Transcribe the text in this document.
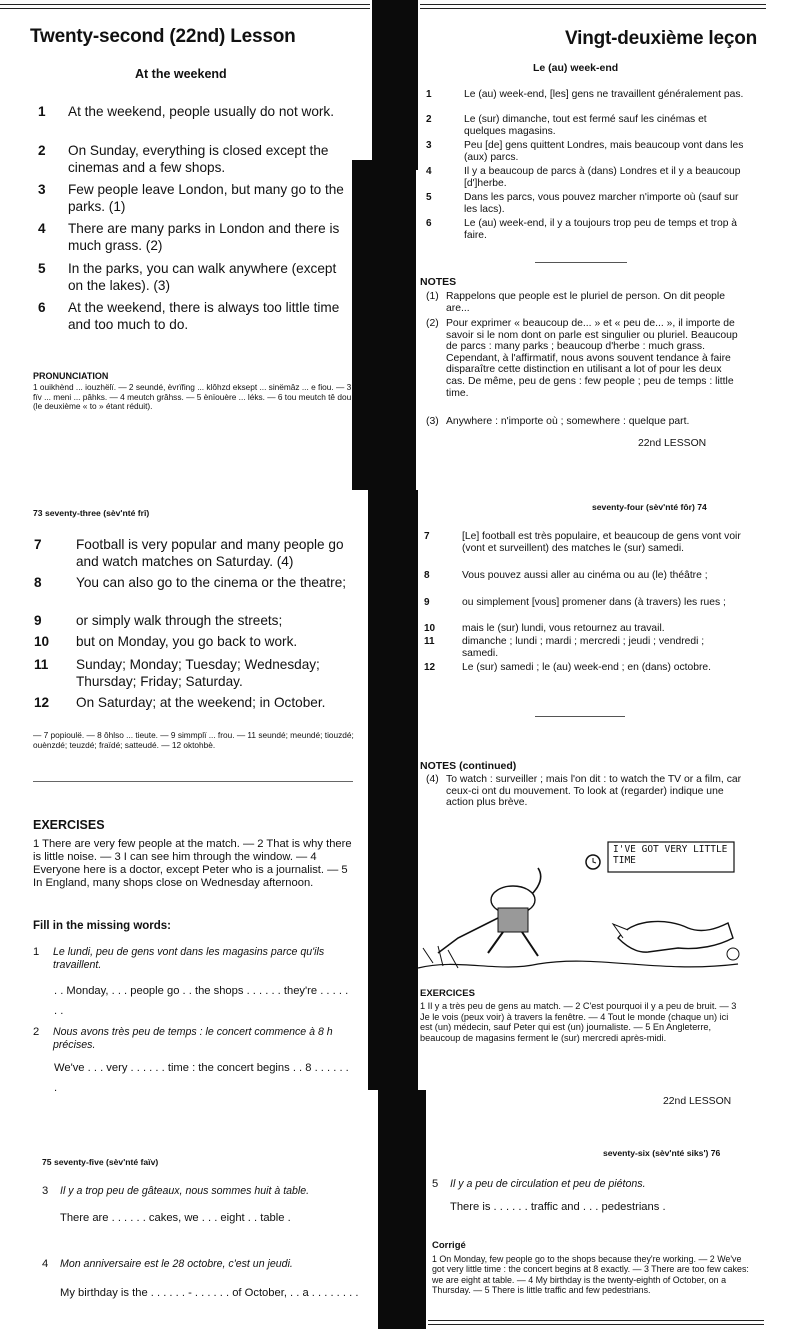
Twenty-second (22nd) Lesson
At the weekend
1	At the weekend, people usually do not work.
2	On Sunday, everything is closed except the cinemas and a few shops.
3	Few people leave London, but many go to the parks. (1)
4	There are many parks in London and there is much grass. (2)
5	In the parks, you can walk anywhere (except on the lakes). (3)
6	At the weekend, there is always too little time and too much to do.
PRONUNCIATION
1 ouikhènd ... iouzhëlï. — 2 seundé, èvrïfing ... klôhzd eksept ... sinëmâz ... e fiou. — 3 fïv ... meni ... pâhks. — 4 meutch grâhss. — 5 ènïouère ... léks. — 6 tou meutch tê dou (le deuxième « to » étant réduit).
Vingt-deuxième leçon
Le (au) week-end
1	Le (au) week-end, [les] gens ne travaillent généralement pas.
2	Le (sur) dimanche, tout est fermé sauf les cinémas et quelques magasins.
3	Peu [de] gens quittent Londres, mais beaucoup vont dans les (aux) parcs.
4	Il y a beaucoup de parcs à (dans) Londres et il y a beaucoup [d']herbe.
5	Dans les parcs, vous pouvez marcher n'importe où (sauf sur les lacs).
6	Le (au) week-end, il y a toujours trop peu de temps et trop à faire.
NOTES
(1) Rappelons que people est le pluriel de person. On dit people are...
(2) Pour exprimer « beaucoup de... » et « peu de... », il importe de savoir si le nom dont on parle est singulier ou pluriel. Beaucoup de parcs : many parks ; beaucoup d'herbe : much grass. Cependant, à l'affirmatif, nous avons souvent tendance à faire disparaître cette distinction en utilisant a lot of pour les deux cas. De même, peu de gens : few people ; peu de temps : little time.
(3) Anywhere : n'importe où ; somewhere : quelque part.
22nd LESSON
73 seventy-three (sèv'nté frî)
seventy-four (sèv'nté fôr) 74
7	Football is very popular and many people go and watch matches on Saturday. (4)
8	You can also go to the cinema or the theatre;
9	or simply walk through the streets;
10	but on Monday, you go back to work.
11	Sunday; Monday; Tuesday; Wednesday; Thursday; Friday; Saturday.
12	On Saturday; at the weekend; in October.
— 7 popioulë. — 8 ôhlso ... tieute. — 9 simmplï ... frou. — 11 seundé; meundé; tiouzdé; ouènzdé; teuzdé; fraïdé; satteudé. — 12 oktohbè.
7	[Le] football est très populaire, et beaucoup de gens vont voir (vont et surveillent) des matches le (sur) samedi.
8	Vous pouvez aussi aller au cinéma ou au (le) théâtre ;
9	ou simplement [vous] promener dans (à travers) les rues ;
10	mais le (sur) lundi, vous retournez au travail.
11	dimanche ; lundi ; mardi ; mercredi ; jeudi ; vendredi ; samedi.
12	Le (sur) samedi ; le (au) week-end ; en (dans) octobre.
NOTES (continued)
(4) To watch : surveiller ; mais l'on dit : to watch the TV or a film, car ceux-ci ont du mouvement. To look at (regarder) indique une action plus brève.
I'VE GOT VERY LITTLE TIME
EXERCISES
1 There are very few people at the match. — 2 That is why there is little noise. — 3 I can see him through the window. — 4 Everyone here is a doctor, except Peter who is a journalist. — 5 In England, many shops close on Wednesday afternoon.
Fill in the missing words:
1	Le lundi, peu de gens vont dans les magasins parce qu'ils travaillent.
. . Monday, . . . people go . . the shops . . . . . . they're . . . . . . .
2	Nous avons très peu de temps : le concert commence à 8 h précises.
We've . . . very . . . . . . time : the concert begins . . 8 . . . . . . .
EXERCICES
1 Il y a très peu de gens au match. — 2 C'est pourquoi il y a peu de bruit. — 3 Je le vois (peux voir) à travers la fenêtre. — 4 Tout le monde (chaque un) ici est (un) médecin, sauf Peter qui est (un) journaliste. — 5 En Angleterre, beaucoup de magasins ferment le (sur) mercredi après-midi.
22nd LESSON
75 seventy-five (sèv'nté faïv)
seventy-six (sèv'nté siks') 76
3	Il y a trop peu de gâteaux, nous sommes huit à table.
There are . . . . . . cakes, we . . . eight . . table .
4	Mon anniversaire est le 28 octobre, c'est un jeudi.
My birthday is the . . . . . . - . . . . . . of October, . . a . . . . . . . .
5	Il y a peu de circulation et peu de piétons.
There is . . . . . . traffic and . . . pedestrians .
Corrigé
1 On Monday, few people go to the shops because they're working. — 2 We've got very little time : the concert begins at 8 exactly. — 3 There are too few cakes: we are eight at table. — 4 My birthday is the twenty-eighth of October, on a Thursday. — 5 There is little traffic and few pedestrians.
